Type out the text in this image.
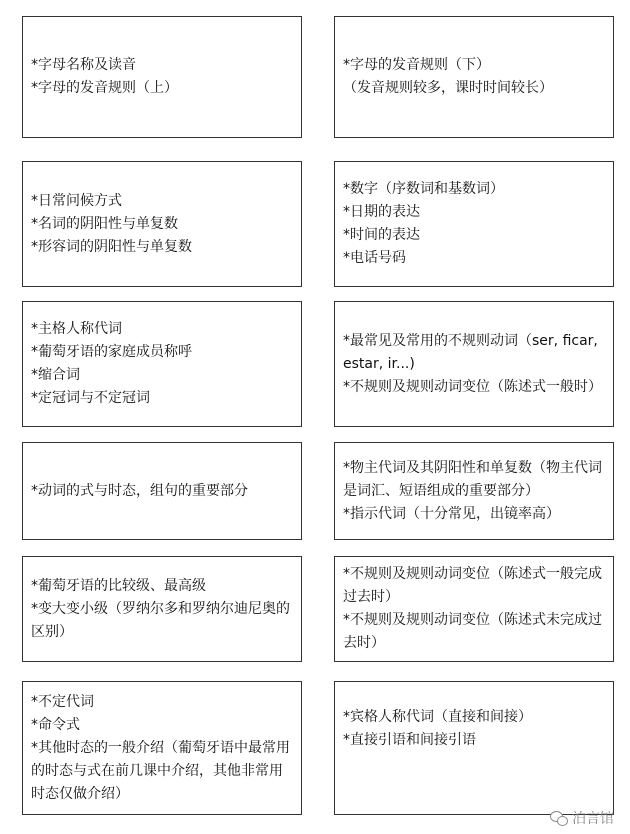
*字母名称及读音
*字母的发音规则（上）
*字母的发音规则（下）
（发音规则较多，课时时间较长）
*日常问候方式
*名词的阴阳性与单复数
*形容词的阴阳性与单复数
*数字（序数词和基数词）
*日期的表达
*时间的表达
*电话号码
*主格人称代词
*葡萄牙语的家庭成员称呼
*缩合词
*定冠词与不定冠词
*最常见及常用的不规则动词（ser, ficar, estar, ir...)
*不规则及规则动词变位（陈述式一般时）
*动词的式与时态，组句的重要部分
*物主代词及其阴阳性和单复数（物主代词是词汇、短语组成的重要部分）
*指示代词（十分常见，出镜率高）
*葡萄牙语的比较级、最高级
*变大变小级（罗纳尔多和罗纳尔迪尼奥的区别）
*不规则及规则动词变位（陈述式一般完成过去时）
*不规则及规则动词变位（陈述式未完成过去时）
*不定代词
*命令式
*其他时态的一般介绍（葡萄牙语中最常用的时态与式在前几课中介绍，其他非常用时态仅做介绍）
*宾格人称代词（直接和间接）
*直接引语和间接引语
泊言馆
